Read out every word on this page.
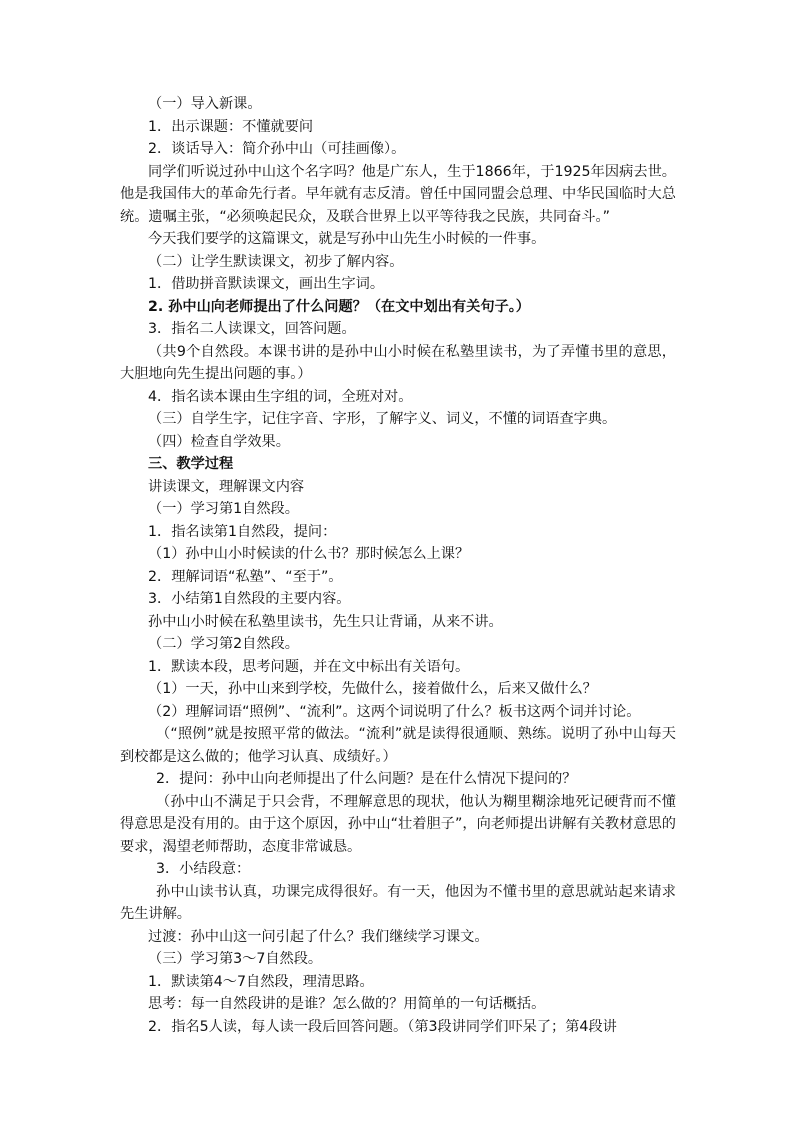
（一）导入新课。

1．出示课题：不懂就要问

2．谈话导入：简介孙中山（可挂画像）。

同学们听说过孙中山这个名字吗？他是广东人，生于1866年，于1925年因病去世。他是我国伟大的革命先行者。早年就有志反清。曾任中国同盟会总理、中华民国临时大总统。遗嘱主张，“必须唤起民众，及联合世界上以平等待我之民族，共同奋斗。”

今天我们要学的这篇课文，就是写孙中山先生小时候的一件事。

（二）让学生默读课文，初步了解内容。

1．借助拼音默读课文，画出生字词。

2. 孙中山向老师提出了什么问题？（在文中划出有关句子。）

3．指名二人读课文，回答问题。

（共9个自然段。本课书讲的是孙中山小时候在私塾里读书，为了弄懂书里的意思，大胆地向先生提出问题的事。）

4．指名读本课由生字组的词，全班对对。

（三）自学生字，记住字音、字形，了解字义、词义，不懂的词语查字典。

（四）检查自学效果。

三、教学过程

讲读课文，理解课文内容

（一）学习第1自然段。

1．指名读第1自然段，提问：

（1）孙中山小时候读的什么书？那时候怎么上课？

2．理解词语“私塾”、“至于”。

3．小结第1自然段的主要内容。

孙中山小时候在私塾里读书，先生只让背诵，从来不讲。

（二）学习第2自然段。

1．默读本段，思考问题，并在文中标出有关语句。

（1）一天，孙中山来到学校，先做什么，接着做什么，后来又做什么？

（2）理解词语“照例”、“流利”。这两个词说明了什么？板书这两个词并讨论。

（“照例”就是按照平常的做法。“流利”就是读得很通顺、熟练。说明了孙中山每天到校都是这么做的；他学习认真、成绩好。）

2．提问：孙中山向老师提出了什么问题？是在什么情况下提问的？

（孙中山不满足于只会背，不理解意思的现状，他认为糊里糊涂地死记硬背而不懂得意思是没有用的。由于这个原因，孙中山“壮着胆子”，向老师提出讲解有关教材意思的要求，渴望老师帮助，态度非常诚恳。

3．小结段意：

孙中山读书认真，功课完成得很好。有一天，他因为不懂书里的意思就站起来请求先生讲解。

过渡：孙中山这一问引起了什么？我们继续学习课文。

（三）学习第3～7自然段。

1．默读第4～7自然段，理清思路。

思考：每一自然段讲的是谁？怎么做的？用简单的一句话概括。

2．指名5人读，每人读一段后回答问题。（第3段讲同学们吓呆了；第4段讲
